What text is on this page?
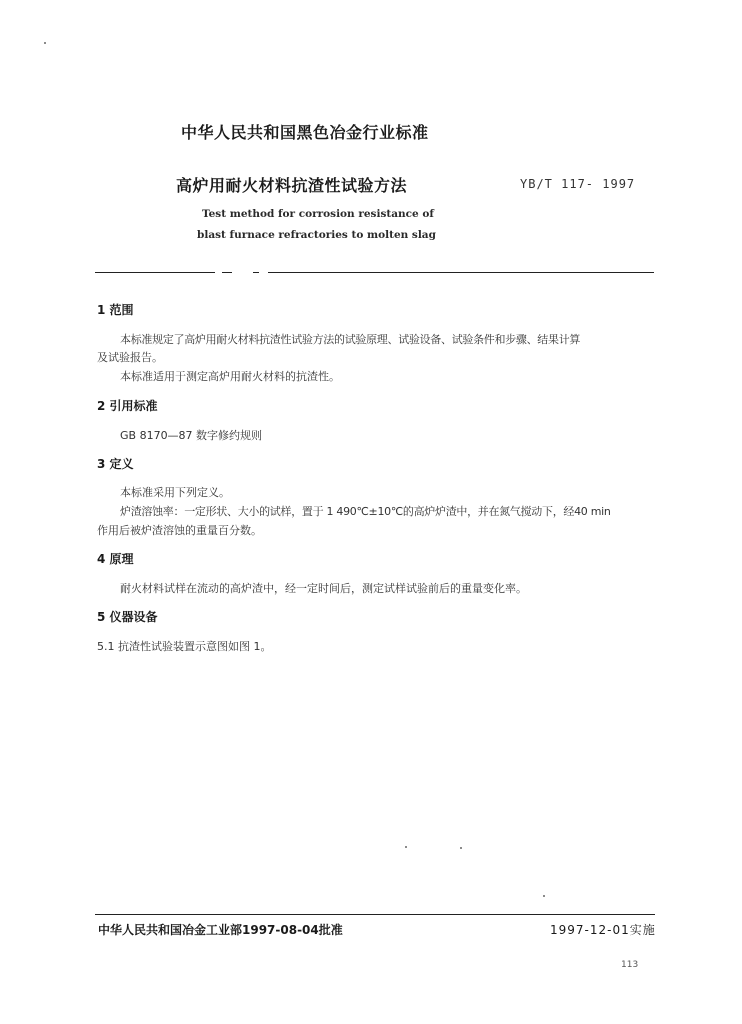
中华人民共和国黑色冶金行业标准
高炉用耐火材料抗渣性试验方法	YB/T 117- 1997
Test method for corrosion resistance of
blast furnace refractories to molten slag
1 范围
本标准规定了高炉用耐火材料抗渣性试验方法的试验原理、试验设备、试验条件和步骤、结果计算
及试验报告。
本标准适用于测定高炉用耐火材料的抗渣性。
2 引用标准
GB 8170—87 数字修约规则
3 定义
本标准采用下列定义。
炉渣溶蚀率：一定形状、大小的试样，置于 1 490℃±10℃的高炉炉渣中，并在氮气搅动下，经40 min
作用后被炉渣溶蚀的重量百分数。
4 原理
耐火材料试样在流动的高炉渣中，经一定时间后，测定试样试验前后的重量变化率。
5 仪器设备
5.1 抗渣性试验装置示意图如图 1。
中华人民共和国冶金工业部1997-08-04批准	1997-12-01实施
113
